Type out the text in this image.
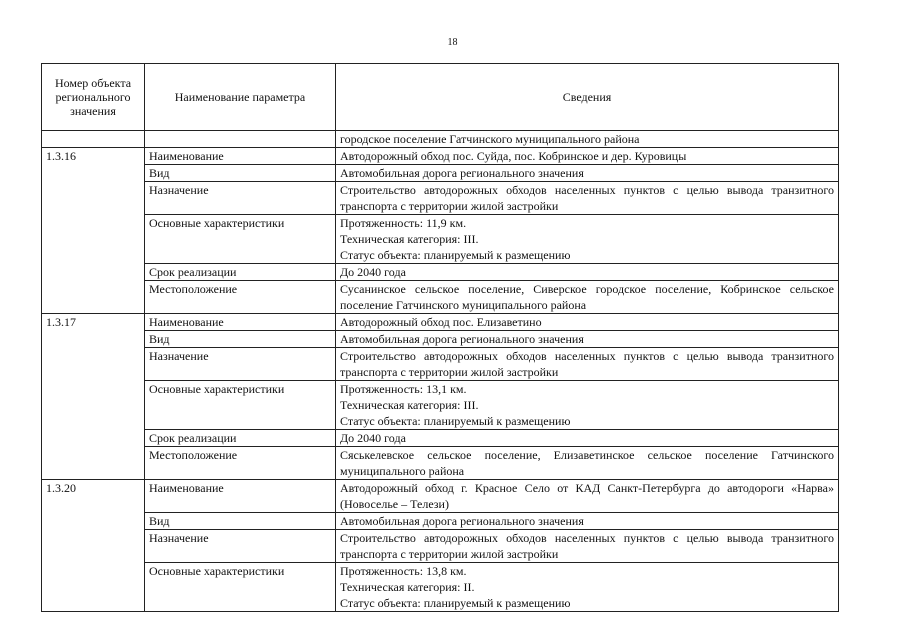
18
Номер объекта регионального значения	Наименование параметра	Сведения
		городское поселение Гатчинского муниципального района
1.3.16	Наименование	Автодорожный обход пос. Суйда, пос. Кобринское и дер. Куровицы

	Вид	Автомобильная дорога регионального значения

	Назначение	Строительство автодорожных обходов населенных пунктов с целью вывода транзитного транспорта с территории жилой застройки

	Основные характеристики	Протяженность: 11,9 км.
Техническая категория: III.
Статус объекта: планируемый к размещению

	Срок реализации	До 2040 года

	Местоположение	Сусанинское сельское поселение, Сиверское городское поселение, Кобринское сельское поселение Гатчинского муниципального района

1.3.17	Наименование	Автодорожный обход пос. Елизаветино

	Вид	Автомобильная дорога регионального значения

	Назначение	Строительство автодорожных обходов населенных пунктов с целью вывода транзитного транспорта с территории жилой застройки

	Основные характеристики	Протяженность: 13,1 км.
Техническая категория: III.
Статус объекта: планируемый к размещению

	Срок реализации	До 2040 года

	Местоположение	Сяськелевское сельское поселение, Елизаветинское сельское поселение Гатчинского муниципального района

1.3.20	Наименование	Автодорожный обход г. Красное Село от КАД Санкт-Петербурга до автодороги «Нарва» (Новоселье – Телези)

	Вид	Автомобильная дорога регионального значения

	Назначение	Строительство автодорожных обходов населенных пунктов с целью вывода транзитного транспорта с территории жилой застройки

	Основные характеристики	Протяженность: 13,8 км.
Техническая категория: II.
Статус объекта: планируемый к размещению
